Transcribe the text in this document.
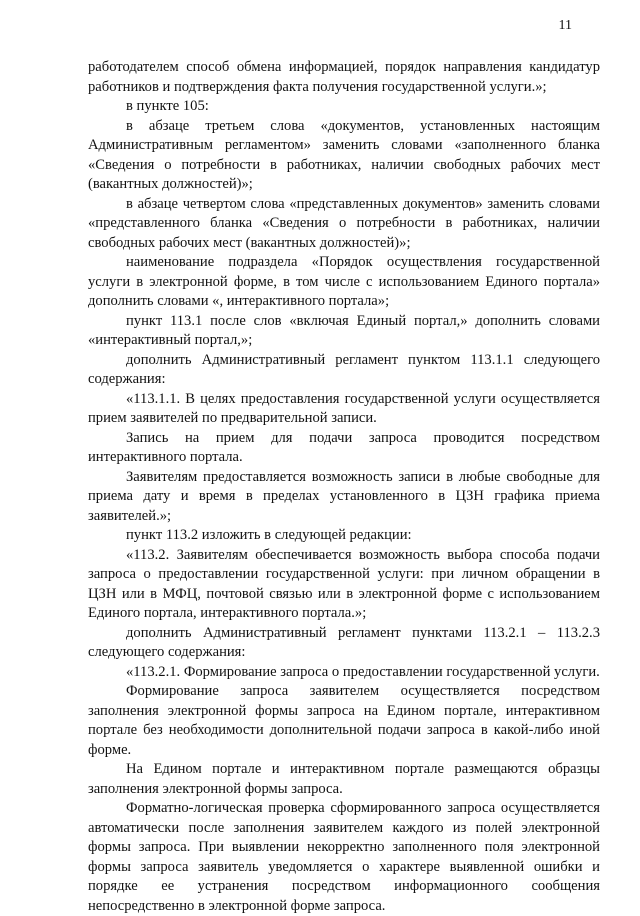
11

работодателем способ обмена информацией, порядок направления кандидатур работников и подтверждения факта получения государственной услуги.»;

в пункте 105:

в абзаце третьем слова «документов, установленных настоящим Административным регламентом» заменить словами «заполненного бланка «Сведения о потребности в работниках, наличии свободных рабочих мест (вакантных должностей)»;

в абзаце четвертом слова «представленных документов» заменить словами «представленного бланка «Сведения о потребности в работниках, наличии свободных рабочих мест (вакантных должностей)»;

наименование подраздела «Порядок осуществления государственной услуги в электронной форме, в том числе с использованием Единого портала» дополнить словами «, интерактивного портала»;

пункт 113.1 после слов «включая Единый портал,» дополнить словами «интерактивный портал,»;

дополнить Административный регламент пунктом 113.1.1 следующего содержания:

«113.1.1. В целях предоставления государственной услуги осуществляется прием заявителей по предварительной записи.

Запись на прием для подачи запроса проводится посредством интерактивного портала.

Заявителям предоставляется возможность записи в любые свободные для приема дату и время в пределах установленного в ЦЗН графика приема заявителей.»;

пункт 113.2 изложить в следующей редакции:

«113.2. Заявителям обеспечивается возможность выбора способа подачи запроса о предоставлении государственной услуги: при личном обращении в ЦЗН или в МФЦ, почтовой связью или в электронной форме с использованием Единого портала, интерактивного портала.»;

дополнить Административный регламент пунктами 113.2.1 – 113.2.3 следующего содержания:

«113.2.1. Формирование запроса о предоставлении государственной услуги.

Формирование запроса заявителем осуществляется посредством заполнения электронной формы запроса на Едином портале, интерактивном портале без необходимости дополнительной подачи запроса в какой-либо иной форме.

На Едином портале и интерактивном портале размещаются образцы заполнения электронной формы запроса.

Форматно-логическая проверка сформированного запроса осуществляется автоматически после заполнения заявителем каждого из полей электронной формы запроса. При выявлении некорректно заполненного поля электронной формы запроса заявитель уведомляется о характере выявленной ошибки и порядке ее устранения посредством информационного сообщения непосредственно в электронной форме запроса.
